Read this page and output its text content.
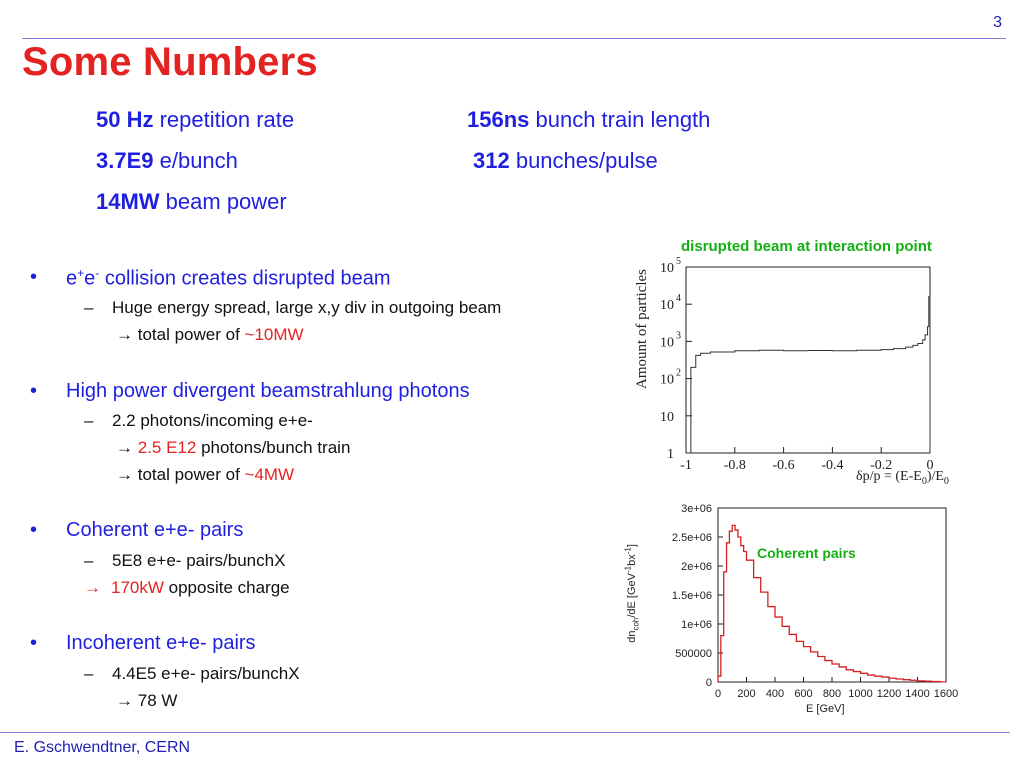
3
Some Numbers
50 Hz repetition rate	156ns bunch train length
3.7E9 e/bunch	312 bunches/pulse
14MW beam power
• e+e- collision creates disrupted beam
– Huge energy spread, large x,y div in outgoing beam
→ total power of ~10MW
• High power divergent beamstrahlung photons
– 2.2 photons/incoming e+e-
→ 2.5 E12 photons/bunch train
→ total power of ~4MW
• Coherent e+e- pairs
– 5E8 e+e- pairs/bunchX
→ 170kW opposite charge
• Incoherent e+e- pairs
– 4.4E5 e+e- pairs/bunchX
→ 78 W
disrupted beam at interaction point
-1 -0.8 -0.6 -0.4 -0.2 0
1
10
10 2
10 3
10 4
10 5
Amount of particles
$\delta p/p = (E-E_0)/E_0$
0 200 400 600 800 1000 1200 1400 1600
0
500000
1e+06
1.5e+06
2e+06
2.5e+06
3e+06
$dn_{coh}/dE$ $[GeV^{-1}bx^{-1}]$	Coherent pairs
E [GeV]
E. Gschwendtner, CERN
